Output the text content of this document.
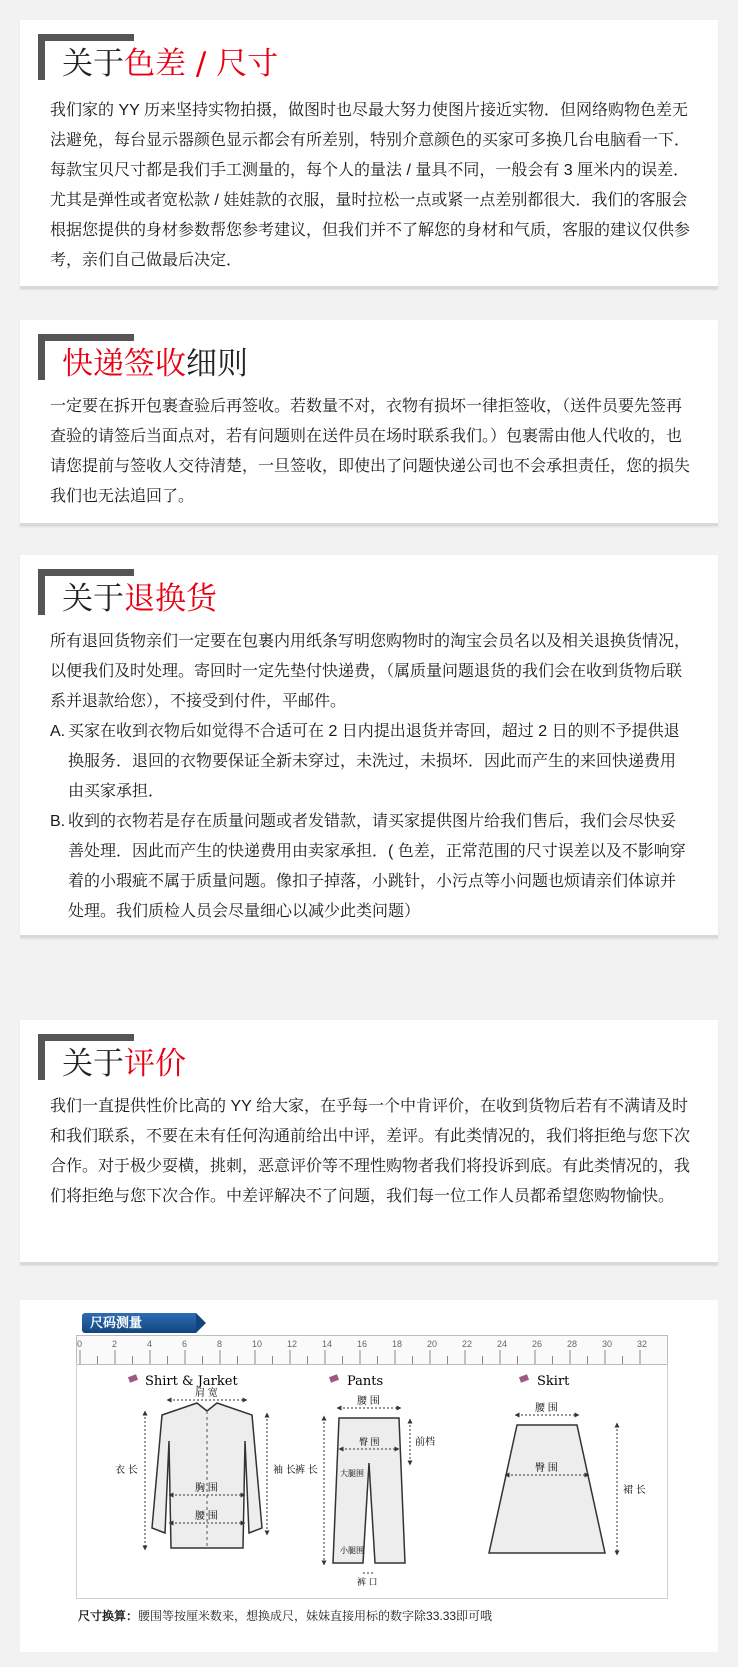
关于色差 / 尺寸

我们家的 YY 历来坚持实物拍摄，做图时也尽最大努力使图片接近实物．但网络购物色差无法避免，每台显示器颜色显示都会有所差别，特别介意颜色的买家可多换几台电脑看一下．每款宝贝尺寸都是我们手工测量的，每个人的量法 / 量具不同，一般会有 3 厘米内的误差．尤其是弹性或者宽松款 / 娃娃款的衣服，量时拉松一点或紧一点差别都很大．我们的客服会根据您提供的身材参数帮您参考建议，但我们并不了解您的身材和气质，客服的建议仅供参考，亲们自己做最后决定．

快递签收细则

一定要在拆开包裹查验后再签收。若数量不对，衣物有损坏一律拒签收，（送件员要先签再查验的请签后当面点对，若有问题则在送件员在场时联系我们。）包裹需由他人代收的，也请您提前与签收人交待清楚，一旦签收，即使出了问题快递公司也不会承担责任，您的损失我们也无法追回了。

关于退换货

所有退回货物亲们一定要在包裹内用纸条写明您购物时的淘宝会员名以及相关退换货情况，以便我们及时处理。寄回时一定先垫付快递费，（属质量问题退货的我们会在收到货物后联系并退款给您），不接受到付件，平邮件。

A. 买家在收到衣物后如觉得不合适可在 2 日内提出退货并寄回，超过 2 日的则不予提供退换服务．退回的衣物要保证全新未穿过，未洗过，未损坏．因此而产生的来回快递费用由买家承担．
B. 收到的衣物若是存在质量问题或者发错款，请买家提供图片给我们售后，我们会尽快妥善处理．因此而产生的快递费用由卖家承担．( 色差，正常范围的尺寸误差以及不影响穿着的小瑕疵不属于质量问题。像扣子掉落，小跳针，小污点等小问题也烦请亲们体谅并处理。我们质检人员会尽量细心以减少此类问题）
关于评价

我们一直提供性价比高的 YY 给大家，在乎每一个中肯评价，在收到货物后若有不满请及时和我们联系，不要在未有任何沟通前给出中评，差评。有此类情况的，我们将拒绝与您下次合作。对于极少耍横，挑刺，恶意评价等不理性购物者我们将投诉到底。有此类情况的，我们将拒绝与您下次合作。中差评解决不了问题，我们每一位工作人员都希望您购物愉快。

尺码测量
0	2	4	6	8	10	12	14	16	18	20	22	24	26	28	30	32
Shirt & Jarket
肩 宽
衣 长	袖 长
胸 围
腰 围
Pants
腰 围
臀 围	前档
裤 长	大腿围
小腿围
裤 口
Skirt
腰 围
臀 围
裙 长
尺寸换算：腰围等按厘米数来，想换成尺，妹妹直接用标的数字除33.33即可哦
